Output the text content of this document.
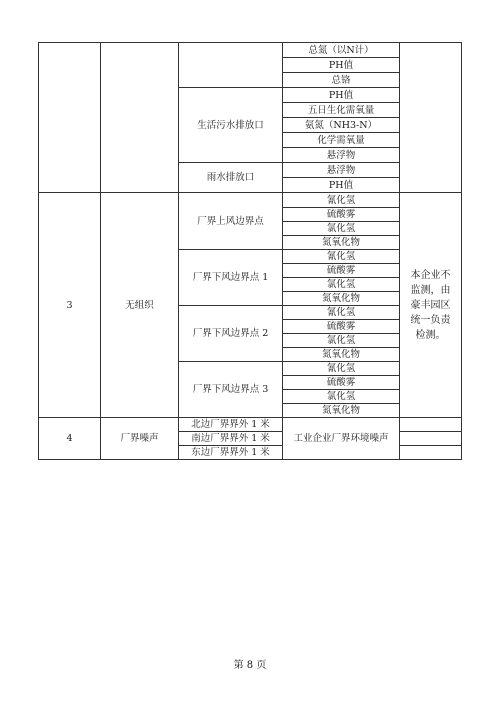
			总氮（以N计）	
			PH值	
			总铬	
		生活污水排放口	PH值	
			五日生化需氧量	
			氨氮（NH3-N）	
			化学需氧量	
			悬浮物	
		雨水排放口	悬浮物	
			PH值	
3	无组织	厂界上风边界点	氰化氢	本企业不监测，由豪丰园区统一负责检测。
			硫酸雾	
			氯化氢	
			氮氧化物	
		厂界下风边界点 1	氰化氢	
			硫酸雾	
			氯化氢	
			氮氧化物	
		厂界下风边界点 2	氰化氢	
			硫酸雾	
			氯化氢	
			氮氧化物	
		厂界下风边界点 3	氰化氢	
			硫酸雾	
			氯化氢	
			氮氧化物	
4	厂界噪声	北边厂界界外 1 米	工业企业厂界环境噪声	
		南边厂界界外 1 米		
		东边厂界界外 1 米		
第 8 页
